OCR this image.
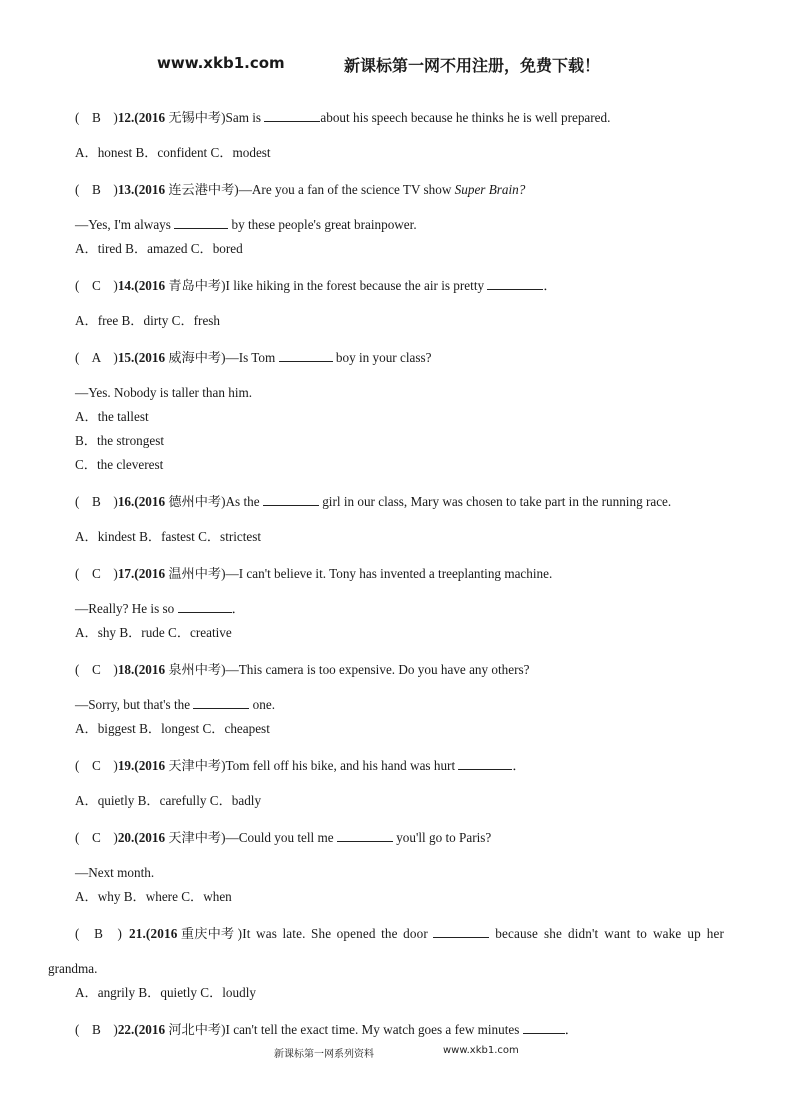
www.xkb1.com	新课标第一网不用注册，免费下载！
( B )12.(2016 无锡中考)Sam is	about his speech because he thinks he is well prepared.
A．honest B．confident C．modest
( B )13.(2016 连云港中考)—Are you a fan of the science TV show Super Brain?
—Yes, I'm always	by these people's great brainpower.
A．tired B．amazed C．bored
( C )14.(2016 青岛中考)I like hiking in the forest because the air is pretty	．
A．free B．dirty C．fresh
( A )15.(2016 威海中考)—Is Tom	boy in your class?
—Yes. Nobody is taller than him.
A．the tallest
B．the strongest
C．the cleverest
( B )16.(2016 德州中考)As the	girl in our class, Mary was chosen to take part in the running race.
A．kindest B．fastest C．strictest
( C )17.(2016 温州中考)—I can't believe it. Tony has invented a treeplanting machine.
—Really? He is so	．
A．shy B．rude C．creative
( C )18.(2016 泉州中考)—This camera is too expensive. Do you have any others?
—Sorry, but that's the	one.
A．biggest B．longest C．cheapest
( C )19.(2016 天津中考)Tom fell off his bike, and his hand was hurt	．
A．quietly B．carefully C．badly
( C )20.(2016 天津中考)—Could you tell me	you'll go to Paris?
—Next month.
A．why B．where C．when
( B )  21.(2016 重庆中考 )It was late. She opened the door	because she didn't want to wake up her
grandma.
A．angrily B．quietly C．loudly
( B )22.(2016 河北中考)I can't tell the exact time. My watch goes a few minutes	．
新课标第一网系列资料	www.xkb1.com
